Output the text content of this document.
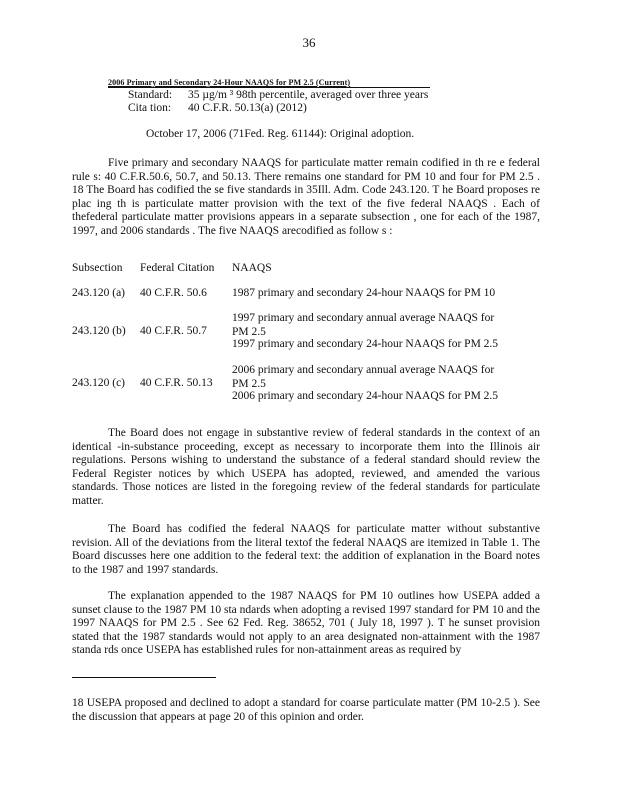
36
2006 Primary and Secondary 24-Hour NAAQS for PM 2.5 (Current)
Standard: 35 µg/m ³ 98th percentile, averaged over three years
Cita tion: 40 C.F.R. 50.13(a) (2012)
October 17, 2006 (71Fed. Reg. 61144): Original adoption.

Five primary and secondary NAAQS for particulate matter remain codified in th re e federal rule s: 40 C.F.R.50.6, 50.7, and 50.13. There remains one standard for PM 10 and four for PM 2.5 . 18 The Board has codified the se five standards in 35Ill. Adm. Code 243.120. T he Board proposes re plac ing th is particulate matter provision with the text of the five federal NAAQS . Each of thefederal particulate matter provisions appears in a separate subsection , one for each of the 1987, 1997, and 2006 standards . The five NAAQS arecodified as follow s :

Subsection	Federal Citation	NAAQS
243.120 (a)	40 C.F.R. 50.6	1987 primary and secondary 24-hour NAAQS for PM 10
243.120 (b)	40 C.F.R. 50.7
1997 primary and secondary annual average NAAQS for PM 2.5
1997 primary and secondary 24-hour NAAQS for PM 2.5
243.120 (c)	40 C.F.R. 50.13
2006 primary and secondary annual average NAAQS for PM 2.5
2006 primary and secondary 24-hour NAAQS for PM 2.5

The Board does not engage in substantive review of federal standards in the context of an identical -in-substance proceeding, except as necessary to incorporate them into the Illinois air regulations. Persons wishing to understand the substance of a federal standard should review the Federal Register notices by which USEPA has adopted, reviewed, and amended the various standards. Those notices are listed in the foregoing review of the federal standards for particulate matter.

The Board has codified the federal NAAQS for particulate matter without substantive revision. All of the deviations from the literal textof the federal NAAQS are itemized in Table 1. The Board discusses here one addition to the federal text: the addition of explanation in the Board notes to the 1987 and 1997 standards.

The explanation appended to the 1987 NAAQS for PM 10 outlines how USEPA added a sunset clause to the 1987 PM 10 sta ndards when adopting a revised 1997 standard for PM 10 and the 1997 NAAQS for PM 2.5 . See 62 Fed. Reg. 38652, 701 ( July 18, 1997 ). T he sunset provision stated that the 1987 standards would not apply to an area designated non-attainment with the 1987 standa rds once USEPA has established rules for non-attainment areas as required by

18 USEPA proposed and declined to adopt a standard for coarse particulate matter (PM 10-2.5 ). See the discussion that appears at page 20 of this opinion and order.
